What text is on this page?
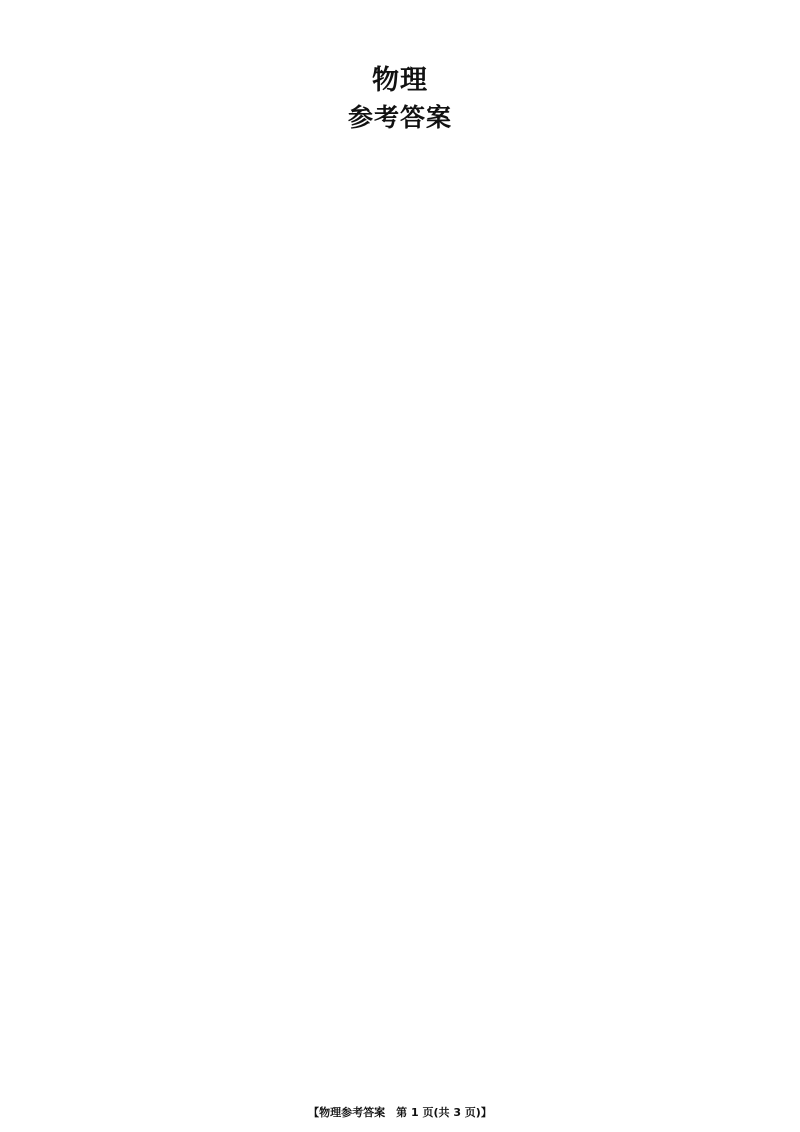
物理
参考答案

【物理参考答案　第 1 页(共 3 页)】
